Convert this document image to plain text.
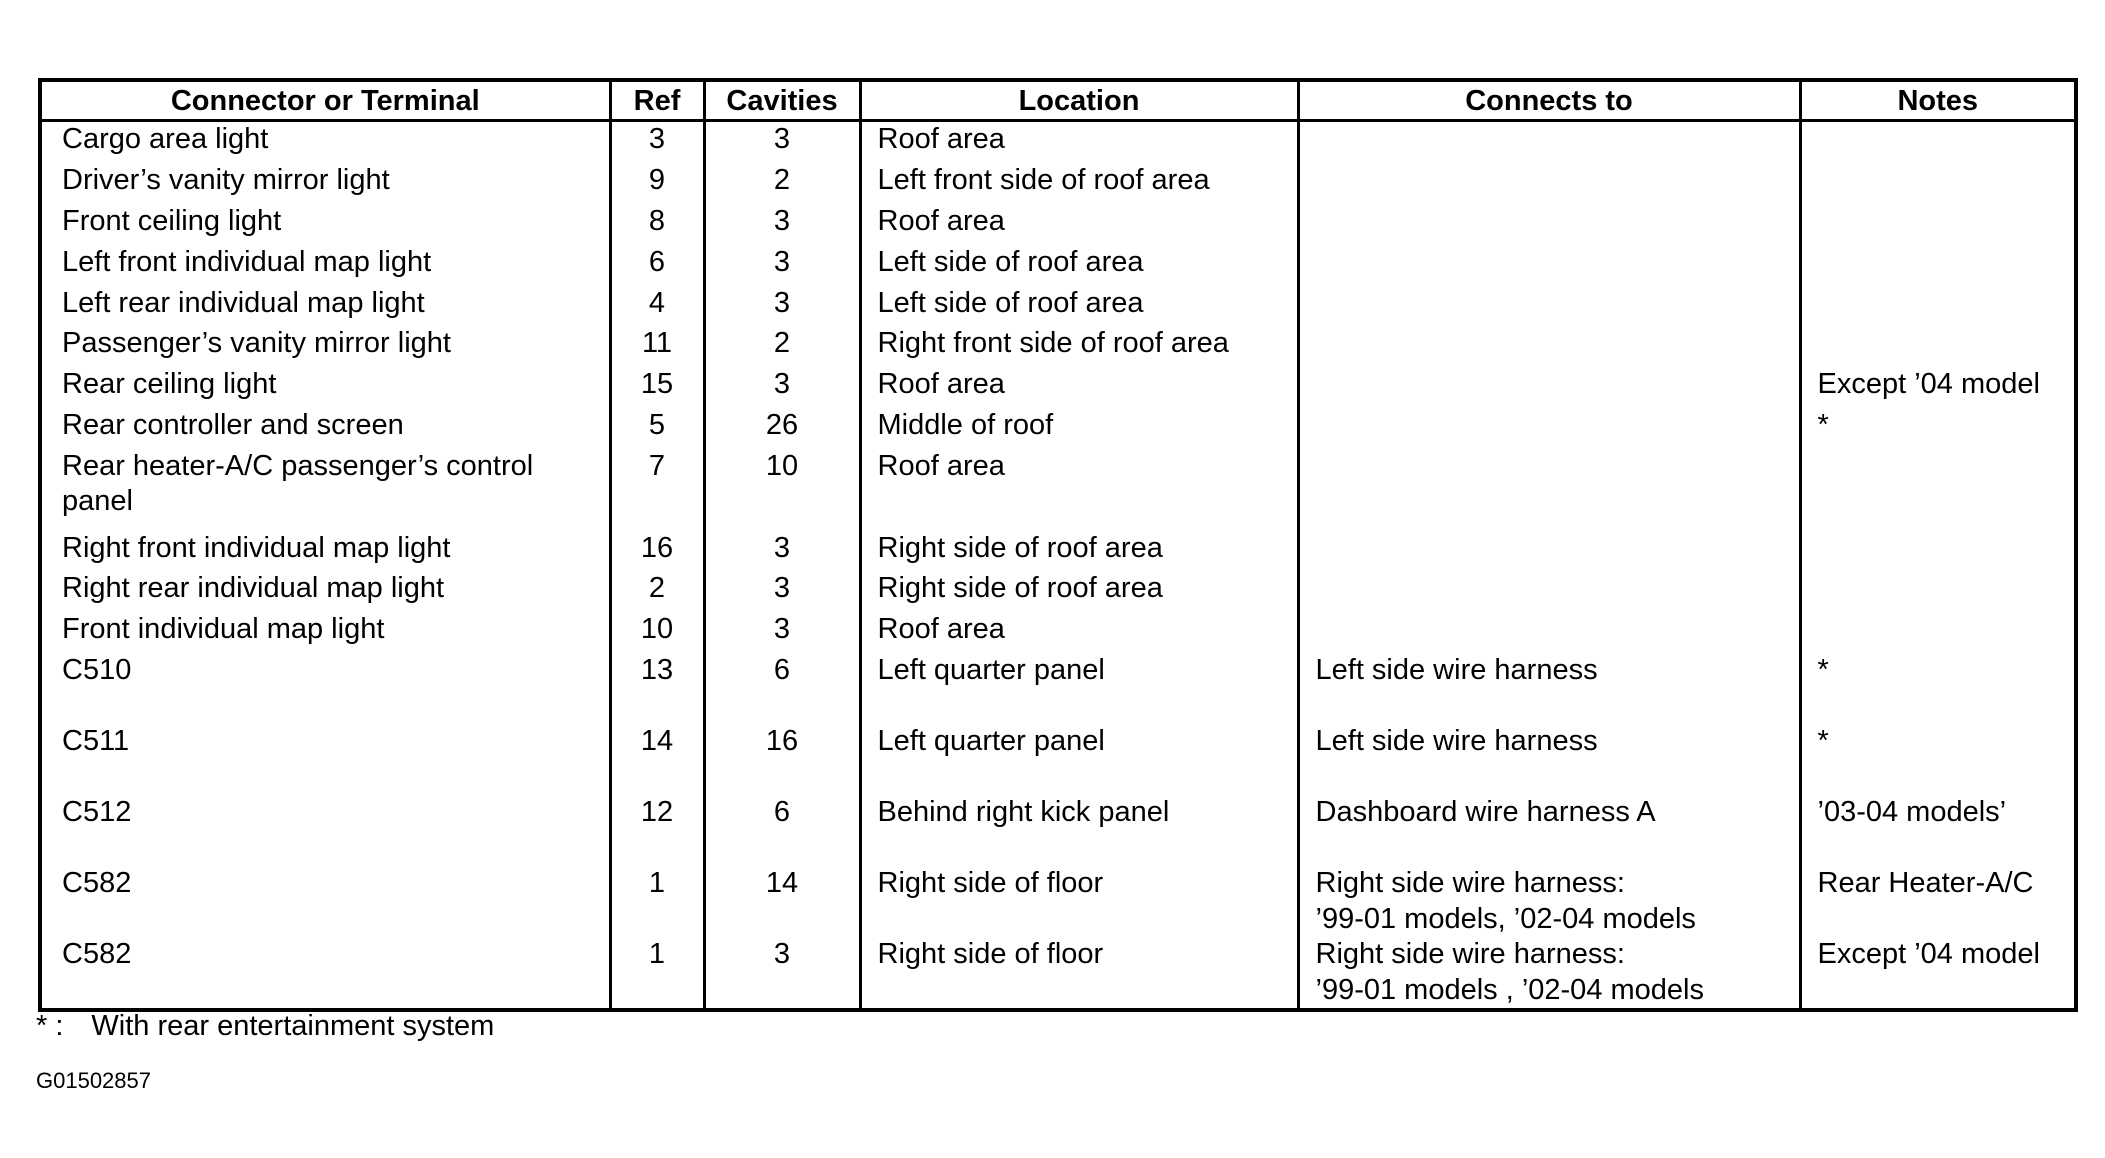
Connector or Terminal	Ref	Cavities	Location	Connects to	Notes
Cargo area light	3	3	Roof area	

Driver’s vanity mirror light	9	2	Left front side of roof area	

Front ceiling light	8	3	Roof area	

Left front individual map light	6	3	Left side of roof area	

Left rear individual map light	4	3	Left side of roof area	

Passenger’s vanity mirror light	11	2	Right front side of roof area	

Rear ceiling light	15	3	Roof area		Except ’04 model
Rear controller and screen	5	26	Middle of roof		*
Rear heater-A/C passenger’s control panel	7	10	Roof area	

Right front individual map light	16	3	Right side of roof area	

Right rear individual map light	2	3	Right side of roof area	

Front individual map light	10	3	Roof area	

C510	13	6	Left quarter panel	Left side wire harness	*
C511	14	16	Left quarter panel	Left side wire harness	*
C512	12	6	Behind right kick panel	Dashboard wire harness A	’03-04 models’
C582	1	14	Right side of floor	Right side wire harness:
’99-01 models, ’02-04 models	Rear Heater-A/C
C582	1	3	Right side of floor	Right side wire harness:
’99-01 models , ’02-04 models	Except ’04 model

* : With rear entertainment system
G01502857
